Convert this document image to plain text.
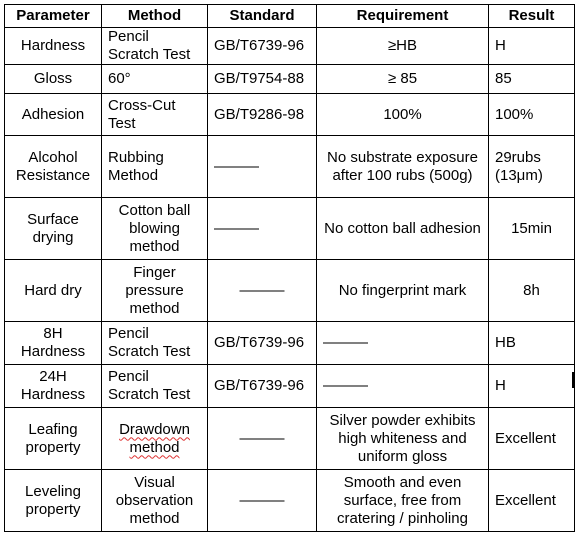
Parameter	Method	Standard	Requirement	Result
Hardness	Pencil Scratch Test	GB/T6739-96	≥HB	H
Gloss	60°	GB/T9754-88	≥ 85	85
Adhesion	Cross-Cut Test	GB/T9286-98	100%	100%
Alcohol Resistance	Rubbing Method	———	No substrate exposure after 100 rubs (500g)	29rubs (13μm)
Surface drying	Cotton ball blowing method	———	No cotton ball adhesion	15min
Hard dry	Finger pressure method	———	No fingerprint mark	8h
8H Hardness	Pencil Scratch Test	GB/T6739-96	———	HB
24H Hardness	Pencil Scratch Test	GB/T6739-96	———	H
Leafing property	Drawdown method	———	Silver powder exhibits high whiteness and uniform gloss	Excellent
Leveling property	Visual observation method	———	Smooth and even surface, free from cratering / pinholing	Excellent
